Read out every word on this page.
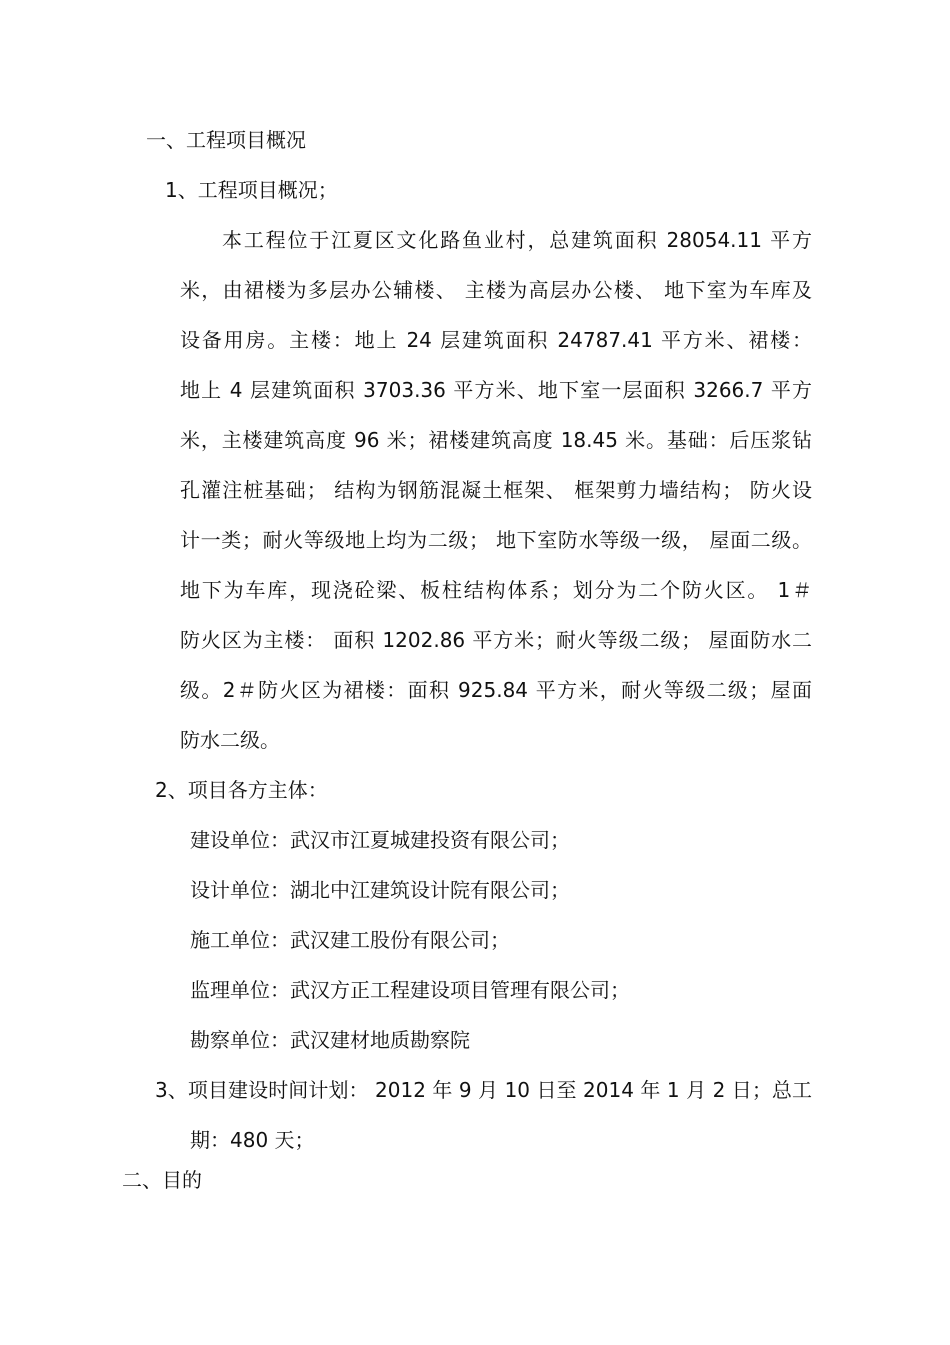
一、工程项目概况
1、工程项目概况；
本工程位于江夏区文化路鱼业村，总建筑面积 28054.11 平方
米，由裙楼为多层办公辅楼、 主楼为高层办公楼、 地下室为车库及
设备用房。主楼：地上 24 层建筑面积 24787.41 平方米、裙楼：
地上 4 层建筑面积 3703.36 平方米、地下室一层面积 3266.7 平方
米，主楼建筑高度 96 米；裙楼建筑高度 18.45 米。基础：后压浆钻
孔灌注桩基础； 结构为钢筋混凝土框架、 框架剪力墙结构； 防火设
计一类；耐火等级地上均为二级； 地下室防水等级一级， 屋面二级。
地下为车库，现浇砼梁、板柱结构体系；划分为二个防火区。 1＃
防火区为主楼： 面积 1202.86 平方米；耐火等级二级； 屋面防水二
级。2＃防火区为裙楼：面积 925.84 平方米，耐火等级二级；屋面
防水二级。
2、项目各方主体：
建设单位：武汉市江夏城建投资有限公司；
设计单位：湖北中江建筑设计院有限公司；
施工单位：武汉建工股份有限公司；
监理单位：武汉方正工程建设项目管理有限公司；
勘察单位：武汉建材地质勘察院
3、项目建设时间计划： 2012 年 9 月 10 日至 2014 年 1 月 2 日；总工
期：480 天；
二、目的
